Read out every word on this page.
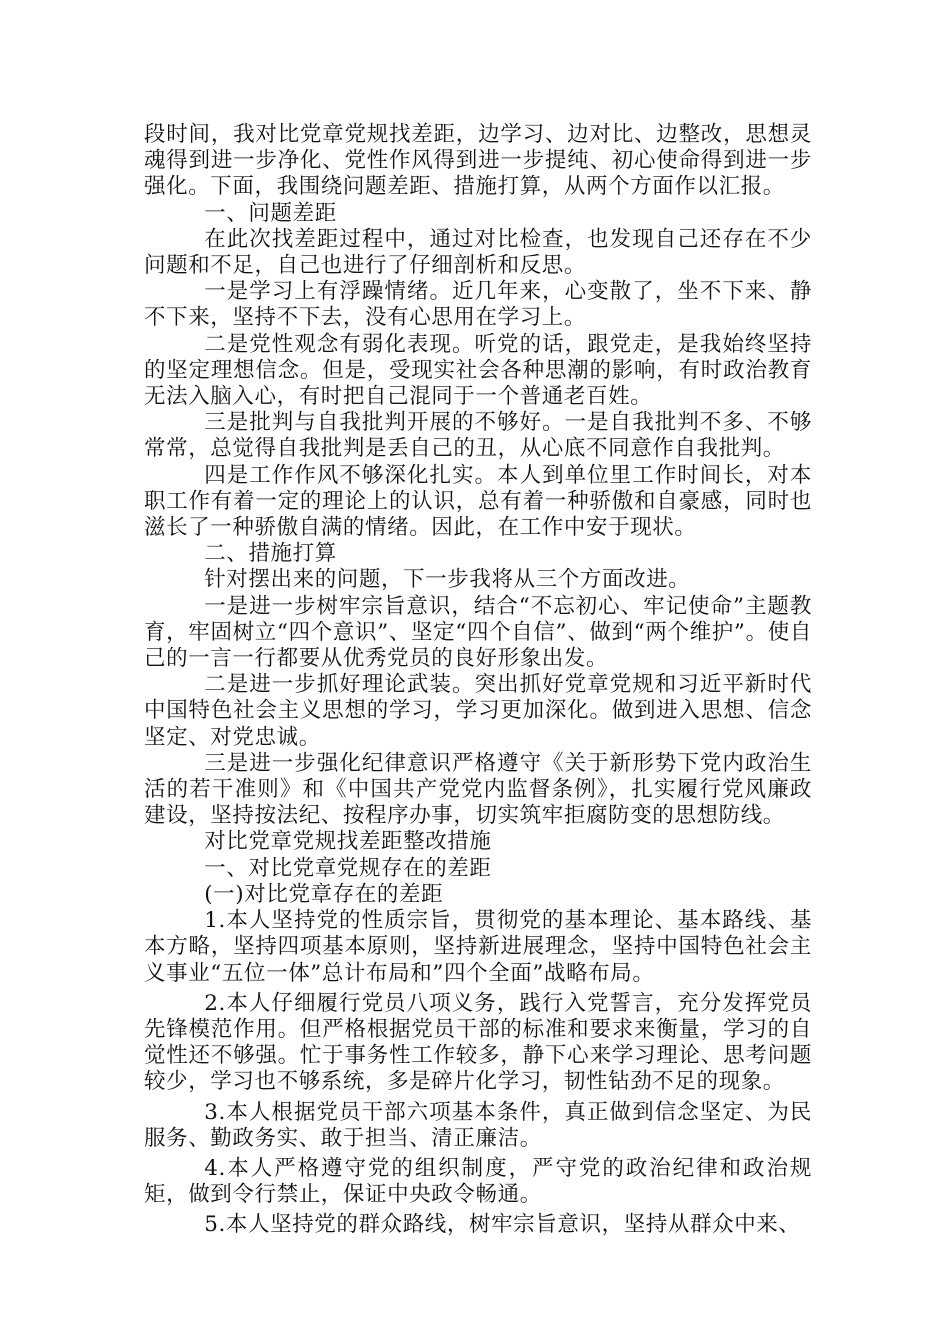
段时间，我对比党章党规找差距，边学习、边对比、边整改，思想灵魂得到进一步净化、党性作风得到进一步提纯、初心使命得到进一步强化。下面，我围绕问题差距、措施打算，从两个方面作以汇报。

一、问题差距

在此次找差距过程中，通过对比检查，也发现自己还存在不少问题和不足，自己也进行了仔细剖析和反思。

一是学习上有浮躁情绪。近几年来，心变散了，坐不下来、静不下来，坚持不下去，没有心思用在学习上。

二是党性观念有弱化表现。听党的话，跟党走，是我始终坚持的坚定理想信念。但是，受现实社会各种思潮的影响，有时政治教育无法入脑入心，有时把自己混同于一个普通老百姓。

三是批判与自我批判开展的不够好。一是自我批判不多、不够常常，总觉得自我批判是丢自己的丑，从心底不同意作自我批判。

四是工作作风不够深化扎实。本人到单位里工作时间长，对本职工作有着一定的理论上的认识，总有着一种骄傲和自豪感，同时也滋长了一种骄傲自满的情绪。因此，在工作中安于现状。

二、措施打算

针对摆出来的问题，下一步我将从三个方面改进。

一是进一步树牢宗旨意识，结合“不忘初心、牢记使命”主题教育，牢固树立“四个意识”、坚定“四个自信”、做到“两个维护”。使自己的一言一行都要从优秀党员的良好形象出发。

二是进一步抓好理论武装。突出抓好党章党规和习近平新时代中国特色社会主义思想的学习，学习更加深化。做到进入思想、信念坚定、对党忠诚。

三是进一步强化纪律意识严格遵守《关于新形势下党内政治生活的若干准则》和《中国共产党党内监督条例》，扎实履行党风廉政建设，坚持按法纪、按程序办事，切实筑牢拒腐防变的思想防线。

对比党章党规找差距整改措施

一、对比党章党规存在的差距

(一)对比党章存在的差距

1.本人坚持党的性质宗旨，贯彻党的基本理论、基本路线、基本方略，坚持四项基本原则，坚持新进展理念，坚持中国特色社会主义事业“五位一体”总计布局和”四个全面”战略布局。

2.本人仔细履行党员八项义务，践行入党誓言，充分发挥党员先锋模范作用。但严格根据党员干部的标准和要求来衡量，学习的自觉性还不够强。忙于事务性工作较多，静下心来学习理论、思考问题较少，学习也不够系统，多是碎片化学习，韧性钻劲不足的现象。

3.本人根据党员干部六项基本条件，真正做到信念坚定、为民服务、勤政务实、敢于担当、清正廉洁。

4.本人严格遵守党的组织制度，严守党的政治纪律和政治规矩，做到令行禁止，保证中央政令畅通。

5.本人坚持党的群众路线，树牢宗旨意识，坚持从群众中来、
